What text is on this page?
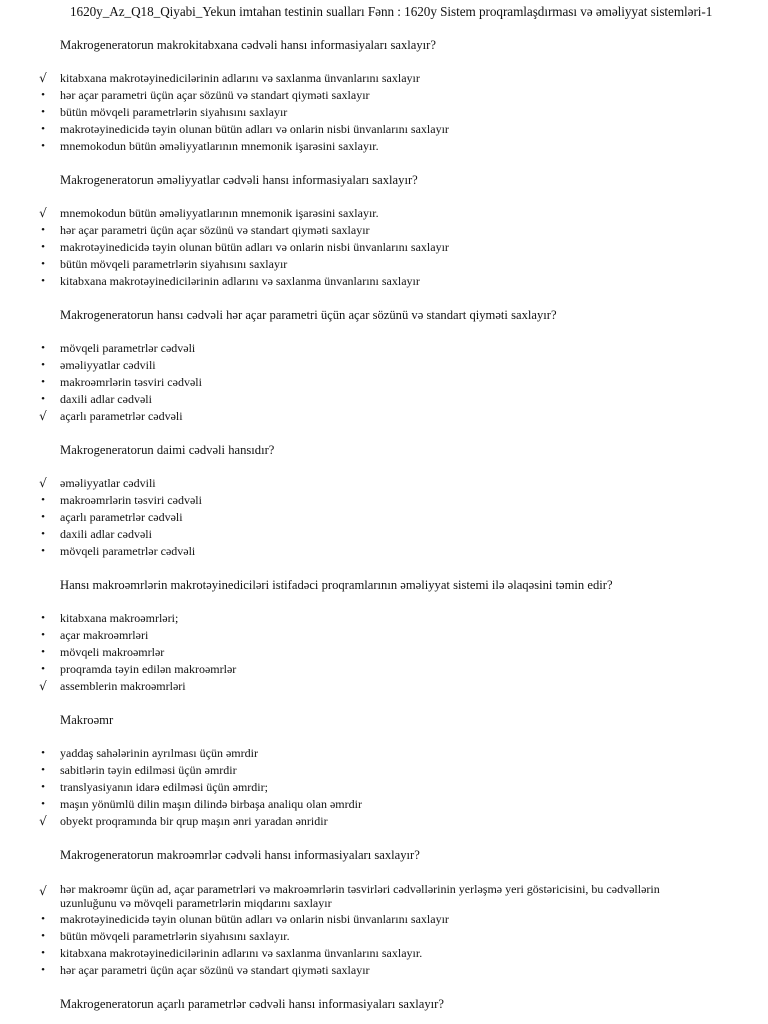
1620y_Az_Q18_Qiyabi_Yekun imtahan testinin sualları Fənn : 1620y Sistem proqramlaşdırması və əməliyyat sistemləri-1
Makrogeneratorun makrokitabxana cədvəli hansı informasiyaları saxlayır?
√ kitabxana makrotəyinedicilərinin adlarını və saxlanma ünvanlarını saxlayır
• hər açar parametri üçün açar sözünü və standart qiyməti saxlayır
• bütün mövqeli parametrlərin siyahısını saxlayır
• makrotəyinedicidə təyin olunan bütün adları və onlarin nisbi ünvanlarını saxlayır
• mnemokodun bütün əməliyyatlarının mnemonik işarəsini saxlayır.
Makrogeneratorun əməliyyatlar cədvəli hansı informasiyaları saxlayır?
√ mnemokodun bütün əməliyyatlarının mnemonik işarəsini saxlayır.
• hər açar parametri üçün açar sözünü və standart qiyməti saxlayır
• makrotəyinedicidə təyin olunan bütün adları və onlarin nisbi ünvanlarını saxlayır
• bütün mövqeli parametrlərin siyahısını saxlayır
• kitabxana makrotəyinedicilərinin adlarını və saxlanma ünvanlarını saxlayır
Makrogeneratorun hansı cədvəli hər açar parametri üçün açar sözünü və standart qiyməti saxlayır?
• mövqeli parametrlər cədvəli
• əməliyyatlar cədvili
• makroəmrlərin təsviri cədvəli
• daxili adlar cədvəli
√ açarlı parametrlər cədvəli
Makrogeneratorun daimi cədvəli hansıdır?
√ əməliyyatlar cədvili
• makroəmrlərin təsviri cədvəli
• açarlı parametrlər cədvəli
• daxili adlar cədvəli
• mövqeli parametrlər cədvəli
Hansı makroəmrlərin makrotəyinediciləri istifadəci proqramlarının əməliyyat sistemi ilə əlaqəsini təmin edir?
• kitabxana makroəmrləri;
• açar makroəmrləri
• mövqeli makroəmrlər
• proqramda təyin edilən makroəmrlər
√ assemblerin makroəmrləri
Makroəmr
• yaddaş sahələrinin ayrılması üçün əmrdir
• sabitlərin təyin edilməsi üçün əmrdir
• translyasiyanın idarə edilməsi üçün əmrdir;
• maşın yönümlü dilin maşın dilində birbaşa analiqu olan əmrdir
√ obyekt proqramında bir qrup maşın ənri yaradan ənridir
Makrogeneratorun makroəmrlər cədvəli hansı informasiyaları saxlayır?
√ hər makroəmr üçün ad, açar parametrləri və makroəmrlərin təsvirləri cədvəllərinin yerləşmə yeri göstəricisini, bu cədvəllərin uzunluğunu və mövqeli parametrlərin miqdarını saxlayır
• makrotəyinedicidə təyin olunan bütün adları və onlarin nisbi ünvanlarını saxlayır
• bütün mövqeli parametrlərin siyahısını saxlayır.
• kitabxana makrotəyinedicilərinin adlarını və saxlanma ünvanlarını saxlayır.
• hər açar parametri üçün açar sözünü və standart qiyməti saxlayır
Makrogeneratorun açarlı parametrlər cədvəli hansı informasiyaları saxlayır?
